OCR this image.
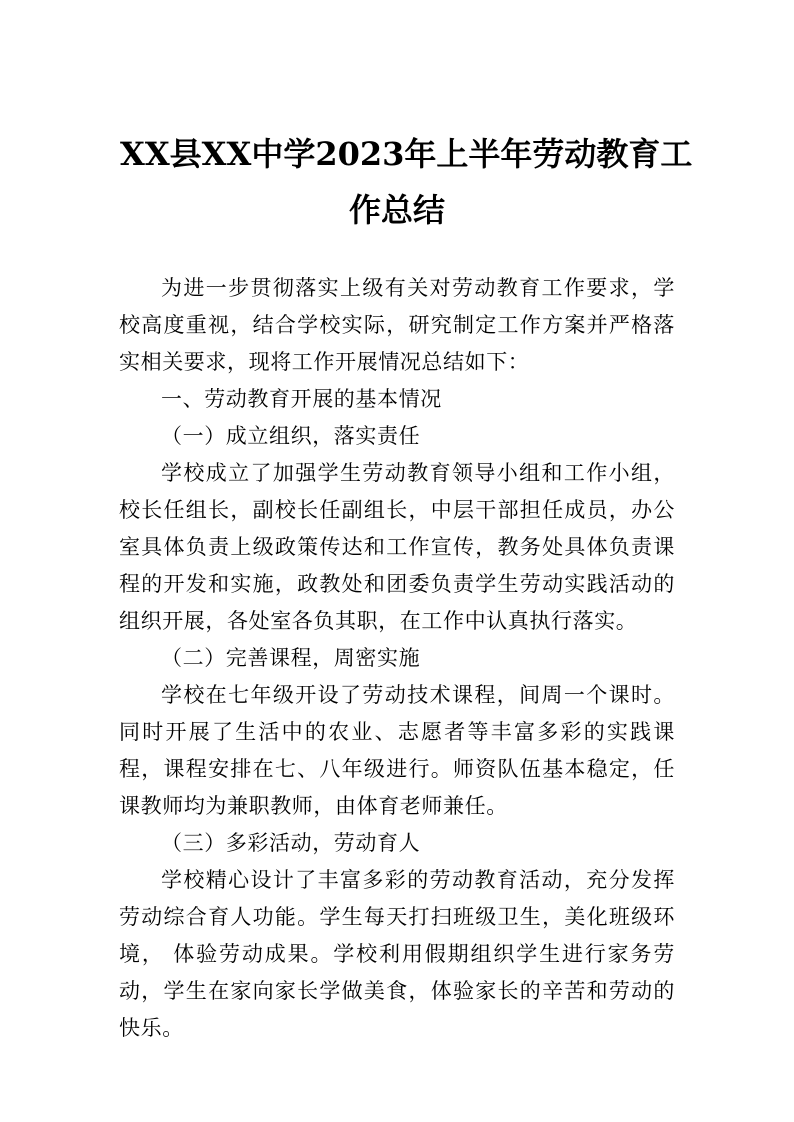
XX县XX中学2023年上半年劳动教育工
作总结

为进一步贯彻落实上级有关对劳动教育工作要求，学校高度重视，结合学校实际，研究制定工作方案并严格落实相关要求，现将工作开展情况总结如下：

一、劳动教育开展的基本情况

（一）成立组织，落实责任

学校成立了加强学生劳动教育领导小组和工作小组，校长任组长，副校长任副组长，中层干部担任成员，办公室具体负责上级政策传达和工作宣传，教务处具体负责课程的开发和实施，政教处和团委负责学生劳动实践活动的组织开展，各处室各负其职，在工作中认真执行落实。

（二）完善课程，周密实施

学校在七年级开设了劳动技术课程，间周一个课时。同时开展了生活中的农业、志愿者等丰富多彩的实践课程，课程安排在七、八年级进行。师资队伍基本稳定，任课教师均为兼职教师，由体育老师兼任。

（三）多彩活动，劳动育人

学校精心设计了丰富多彩的劳动教育活动，充分发挥劳动综合育人功能。学生每天打扫班级卫生，美化班级环境， 体验劳动成果。学校利用假期组织学生进行家务劳动，学生在家向家长学做美食，体验家长的辛苦和劳动的快乐。
